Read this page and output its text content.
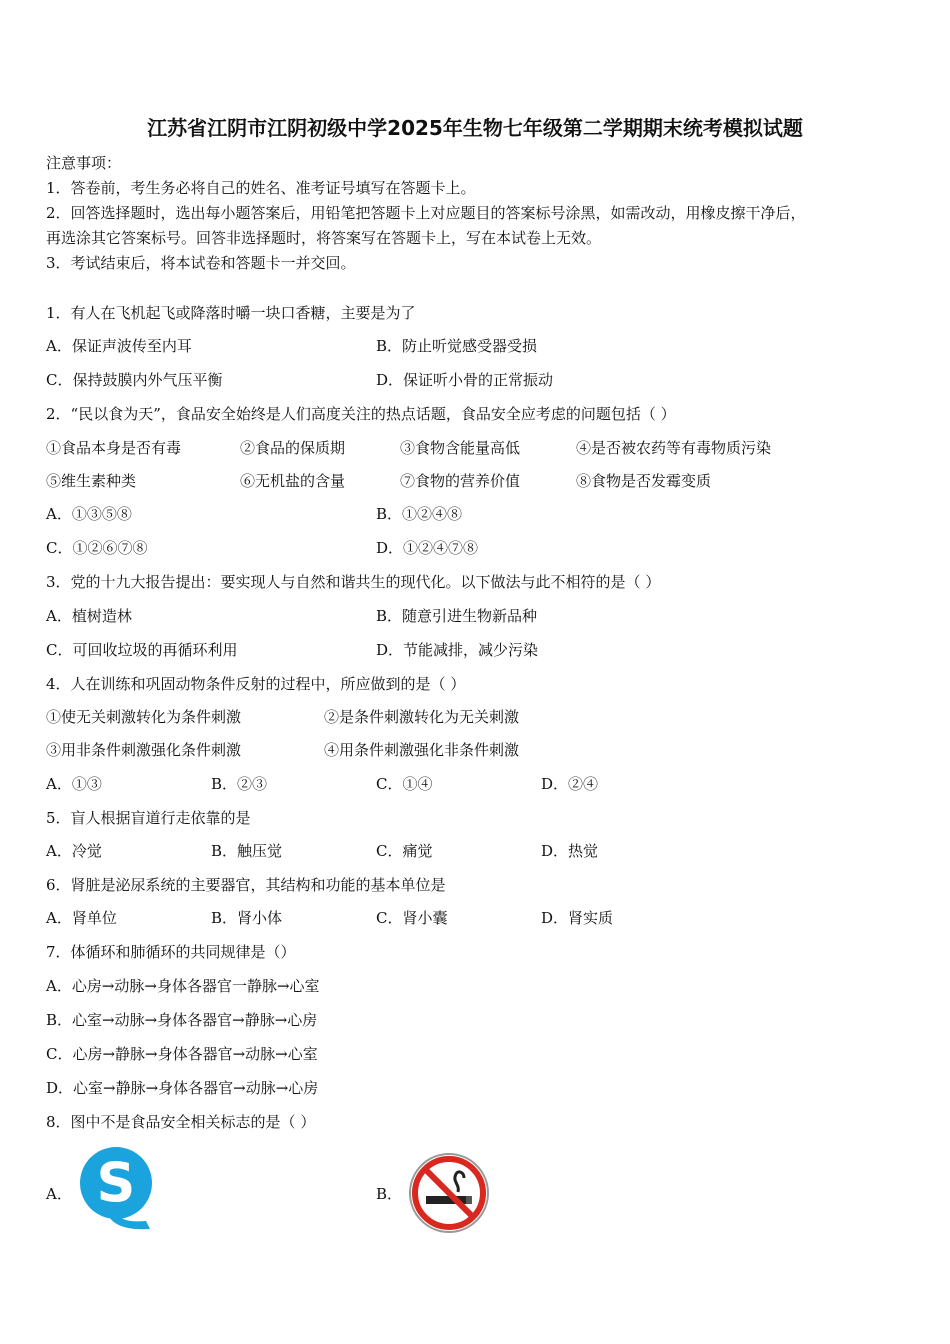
江苏省江阴市江阴初级中学2025年生物七年级第二学期期末统考模拟试题
注意事项：
1．答卷前，考生务必将自己的姓名、准考证号填写在答题卡上。
2．回答选择题时，选出每小题答案后，用铅笔把答题卡上对应题目的答案标号涂黑，如需改动，用橡皮擦干净后，
再选涂其它答案标号。回答非选择题时，将答案写在答题卡上，写在本试卷上无效。
3．考试结束后，将本试卷和答题卡一并交回。
1．有人在飞机起飞或降落时嚼一块口香糖，主要是为了
A．保证声波传至内耳	B．防止听觉感受器受损
C．保持鼓膜内外气压平衡	D．保证听小骨的正常振动
2．“民以食为天”，食品安全始终是人们高度关注的热点话题，食品安全应考虑的问题包括（ ）
①食品本身是否有毒	②食品的保质期	③食物含能量高低	④是否被农药等有毒物质污染
⑤维生素种类	⑥无机盐的含量	⑦食物的营养价值	⑧食物是否发霉变质
A．①③⑤⑧	B．①②④⑧
C．①②⑥⑦⑧	D．①②④⑦⑧
3．党的十九大报告提出：要实现人与自然和谐共生的现代化。以下做法与此不相符的是（ ）
A．植树造林	B．随意引进生物新品种
C．可回收垃圾的再循环利用	D．节能减排，减少污染
4．人在训练和巩固动物条件反射的过程中，所应做到的是（ ）
①使无关刺激转化为条件刺激	②是条件刺激转化为无关刺激
③用非条件刺激强化条件刺激	④用条件刺激强化非条件刺激
A．①③	B．②③	C．①④	D．②④
5．盲人根据盲道行走依靠的是
A．冷觉	B．触压觉	C．痛觉	D．热觉
6．肾脏是泌尿系统的主要器官，其结构和功能的基本单位是
A．肾单位	B．肾小体	C．肾小囊	D．肾实质
7．体循环和肺循环的共同规律是（）
A．心房→动脉→身体各器官一静脉→心室
B．心室→动脉→身体各器官→静脉→心房
C．心房→静脉→身体各器官→动脉→心室
D．心室→静脉→身体各器官→动脉→心房
8．图中不是食品安全相关标志的是（ ）
A．	B．
S
